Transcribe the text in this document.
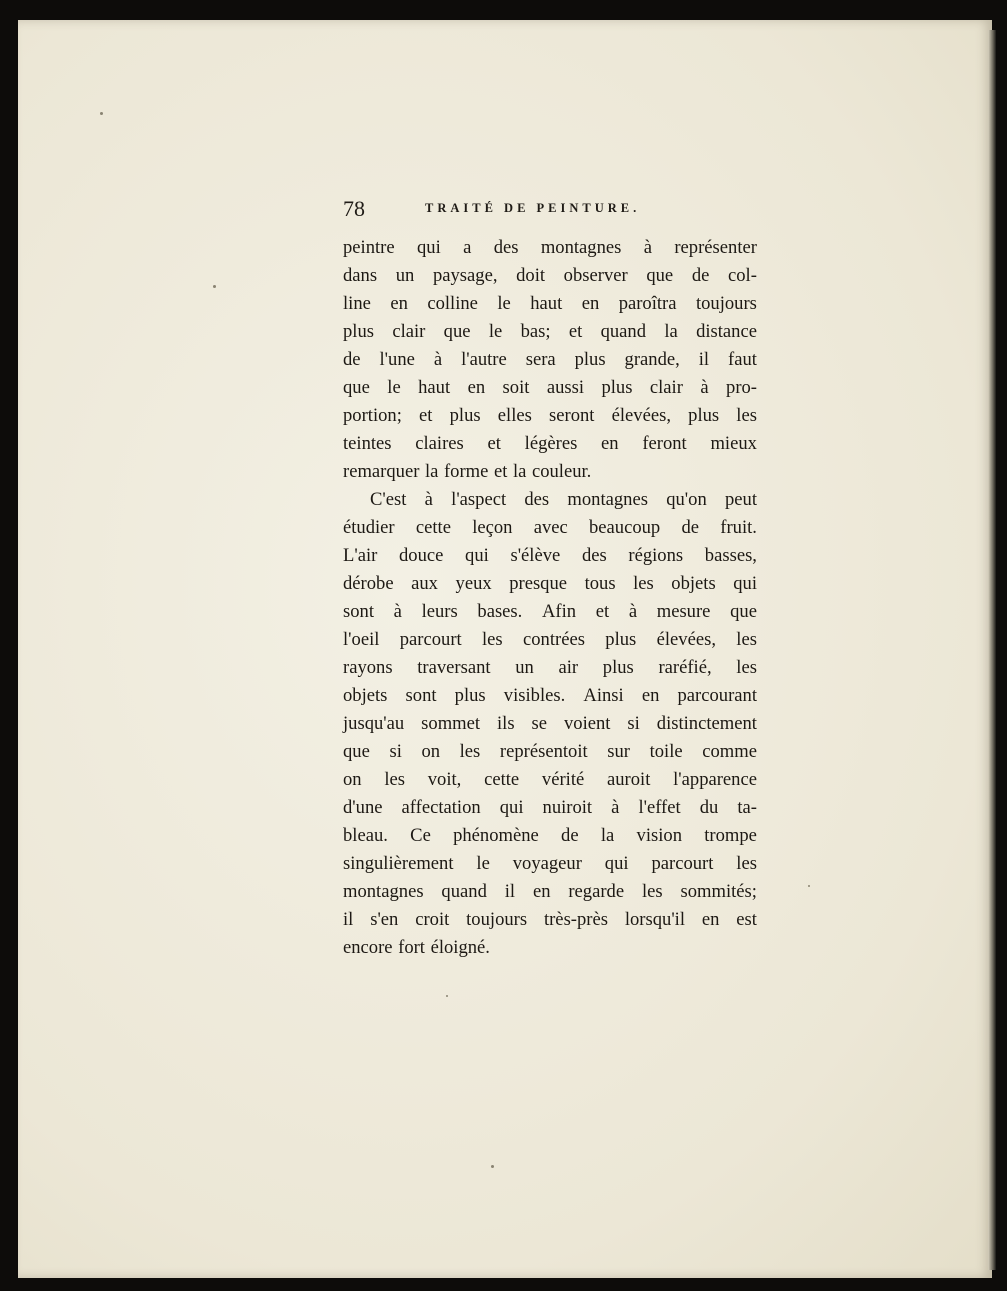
78	TRAITÉ DE PEINTURE.
peintre qui a des montagnes à représenter
dans un paysage, doit observer que de col-
line en colline le haut en paroîtra toujours
plus clair que le bas; et quand la distance
de l'une à l'autre sera plus grande, il faut
que le haut en soit aussi plus clair à pro-
portion; et plus elles seront élevées, plus les
teintes claires et légères en feront mieux
remarquer la forme et la couleur.
C'est à l'aspect des montagnes qu'on peut
étudier cette leçon avec beaucoup de fruit.
L'air douce qui s'élève des régions basses,
dérobe aux yeux presque tous les objets qui
sont à leurs bases. Afin et à mesure que
l'oeil parcourt les contrées plus élevées, les
rayons traversant un air plus raréfié, les
objets sont plus visibles. Ainsi en parcourant
jusqu'au sommet ils se voient si distinctement
que si on les représentoit sur toile comme
on les voit, cette vérité auroit l'apparence
d'une affectation qui nuiroit à l'effet du ta-
bleau. Ce phénomène de la vision trompe
singulièrement le voyageur qui parcourt les
montagnes quand il en regarde les sommités;
il s'en croit toujours très-près lorsqu'il en est
encore fort éloigné.
